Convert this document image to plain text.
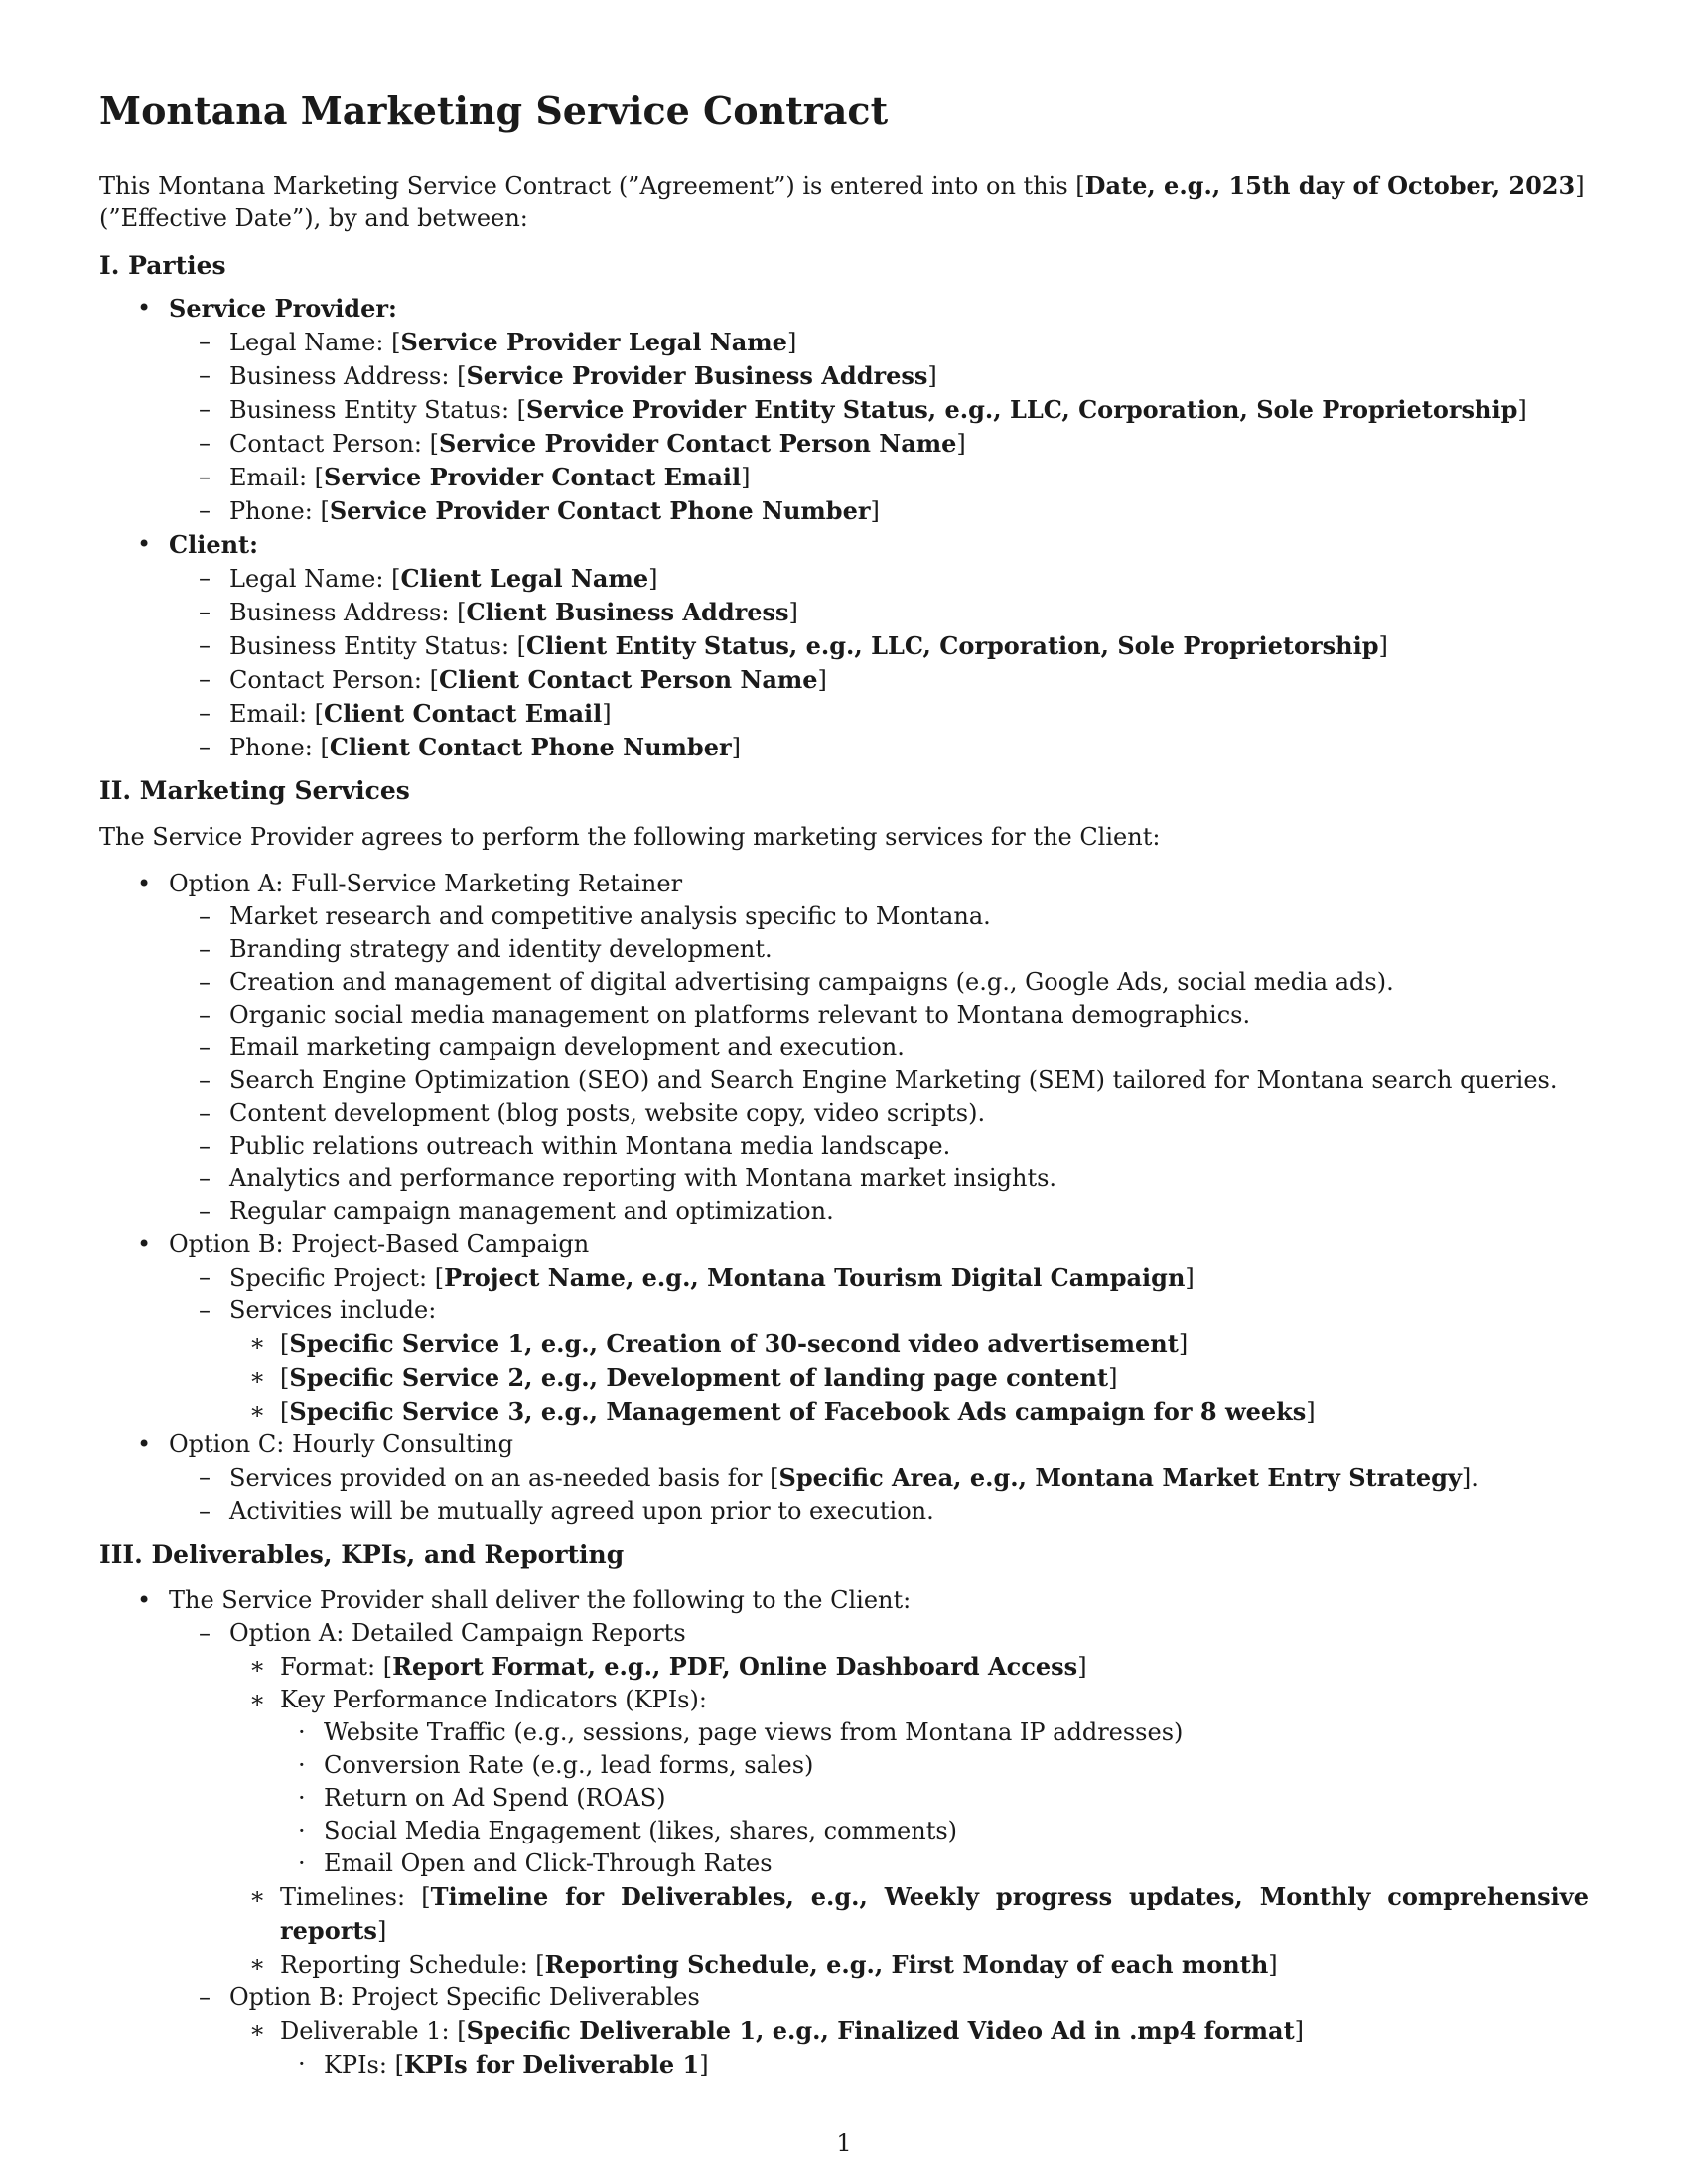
Montana Marketing Service Contract

This Montana Marketing Service Contract (”Agreement”) is entered into on this [Date, e.g., 15th day of October, 2023] (”Effective Date”), by and between:

I. Parties
• Service Provider:
– Legal Name: [Service Provider Legal Name]
– Business Address: [Service Provider Business Address]
– Business Entity Status: [Service Provider Entity Status, e.g., LLC, Corporation, Sole Proprietorship]
– Contact Person: [Service Provider Contact Person Name]
– Email: [Service Provider Contact Email]
– Phone: [Service Provider Contact Phone Number]
• Client:
– Legal Name: [Client Legal Name]
– Business Address: [Client Business Address]
– Business Entity Status: [Client Entity Status, e.g., LLC, Corporation, Sole Proprietorship]
– Contact Person: [Client Contact Person Name]
– Email: [Client Contact Email]
– Phone: [Client Contact Phone Number]
II. Marketing Services

The Service Provider agrees to perform the following marketing services for the Client:

• Option A: Full-Service Marketing Retainer
– Market research and competitive analysis specific to Montana.
– Branding strategy and identity development.
– Creation and management of digital advertising campaigns (e.g., Google Ads, social media ads).
– Organic social media management on platforms relevant to Montana demographics.
– Email marketing campaign development and execution.
– Search Engine Optimization (SEO) and Search Engine Marketing (SEM) tailored for Montana search queries.
– Content development (blog posts, website copy, video scripts).
– Public relations outreach within Montana media landscape.
– Analytics and performance reporting with Montana market insights.
– Regular campaign management and optimization.
• Option B: Project-Based Campaign
– Specific Project: [Project Name, e.g., Montana Tourism Digital Campaign]
– Services include:
∗ [Specific Service 1, e.g., Creation of 30-second video advertisement]
∗ [Specific Service 2, e.g., Development of landing page content]
∗ [Specific Service 3, e.g., Management of Facebook Ads campaign for 8 weeks]
• Option C: Hourly Consulting
– Services provided on an as-needed basis for [Specific Area, e.g., Montana Market Entry Strategy].
– Activities will be mutually agreed upon prior to execution.
III. Deliverables, KPIs, and Reporting
• The Service Provider shall deliver the following to the Client:
– Option A: Detailed Campaign Reports
∗ Format: [Report Format, e.g., PDF, Online Dashboard Access]
∗ Key Performance Indicators (KPIs):
· Website Traffic (e.g., sessions, page views from Montana IP addresses)
· Conversion Rate (e.g., lead forms, sales)
· Return on Ad Spend (ROAS)
· Social Media Engagement (likes, shares, comments)
· Email Open and Click-Through Rates
∗ Timelines: [Timeline for Deliverables, e.g., Weekly progress updates, Monthly comprehensive reports]
∗ Reporting Schedule: [Reporting Schedule, e.g., First Monday of each month]
– Option B: Project Specific Deliverables
∗ Deliverable 1: [Specific Deliverable 1, e.g., Finalized Video Ad in .mp4 format]
· KPIs: [KPIs for Deliverable 1]
1
